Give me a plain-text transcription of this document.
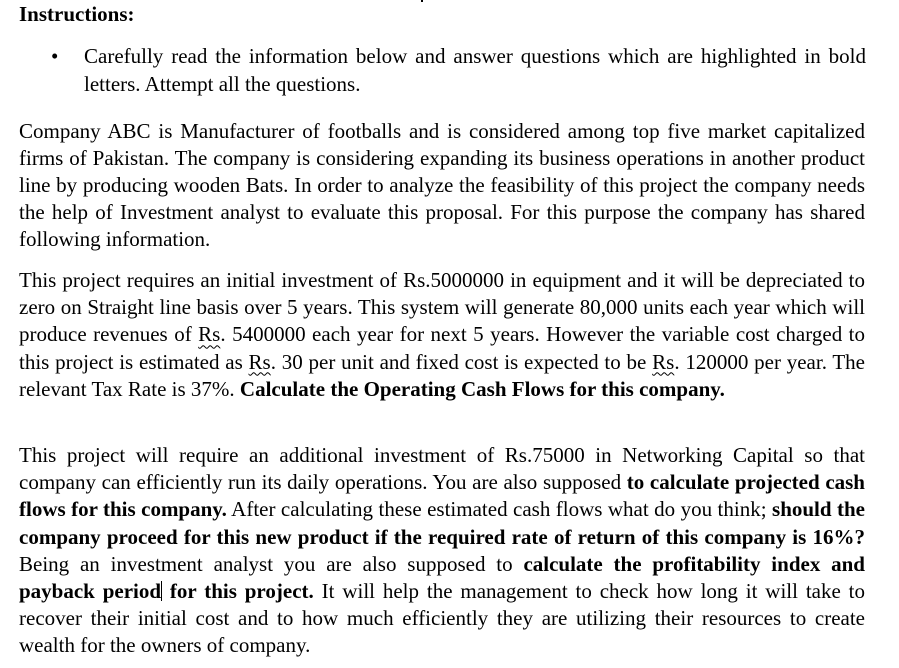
Instructions:
• Carefully read the information below and answer questions which are highlighted in bold letters. Attempt all the questions.

Company ABC is Manufacturer of footballs and is considered among top five market capitalized firms of Pakistan. The company is considering expanding its business operations in another product line by producing wooden Bats. In order to analyze the feasibility of this project the company needs the help of Investment analyst to evaluate this proposal. For this purpose the company has shared following information.

This project requires an initial investment of Rs.5000000 in equipment and it will be depreciated to zero on Straight line basis over 5 years. This system will generate 80,000 units each year which will produce revenues of Rs. 5400000 each year for next 5 years. However the variable cost charged to this project is estimated as Rs. 30 per unit and fixed cost is expected to be Rs. 120000 per year. The relevant Tax Rate is 37%. Calculate the Operating Cash Flows for this company.

This project will require an additional investment of Rs.75000 in Networking Capital so that company can efficiently run its daily operations. You are also supposed to calculate projected cash flows for this company. After calculating these estimated cash flows what do you think; should the company proceed for this new product if the required rate of return of this company is 16%?Being an investment analyst you are also supposed to calculate the profitability index and payback period for this project. It will help the management to check how long it will take to recover their initial cost and to how much efficiently they are utilizing their resources to create wealth for the owners of company.
